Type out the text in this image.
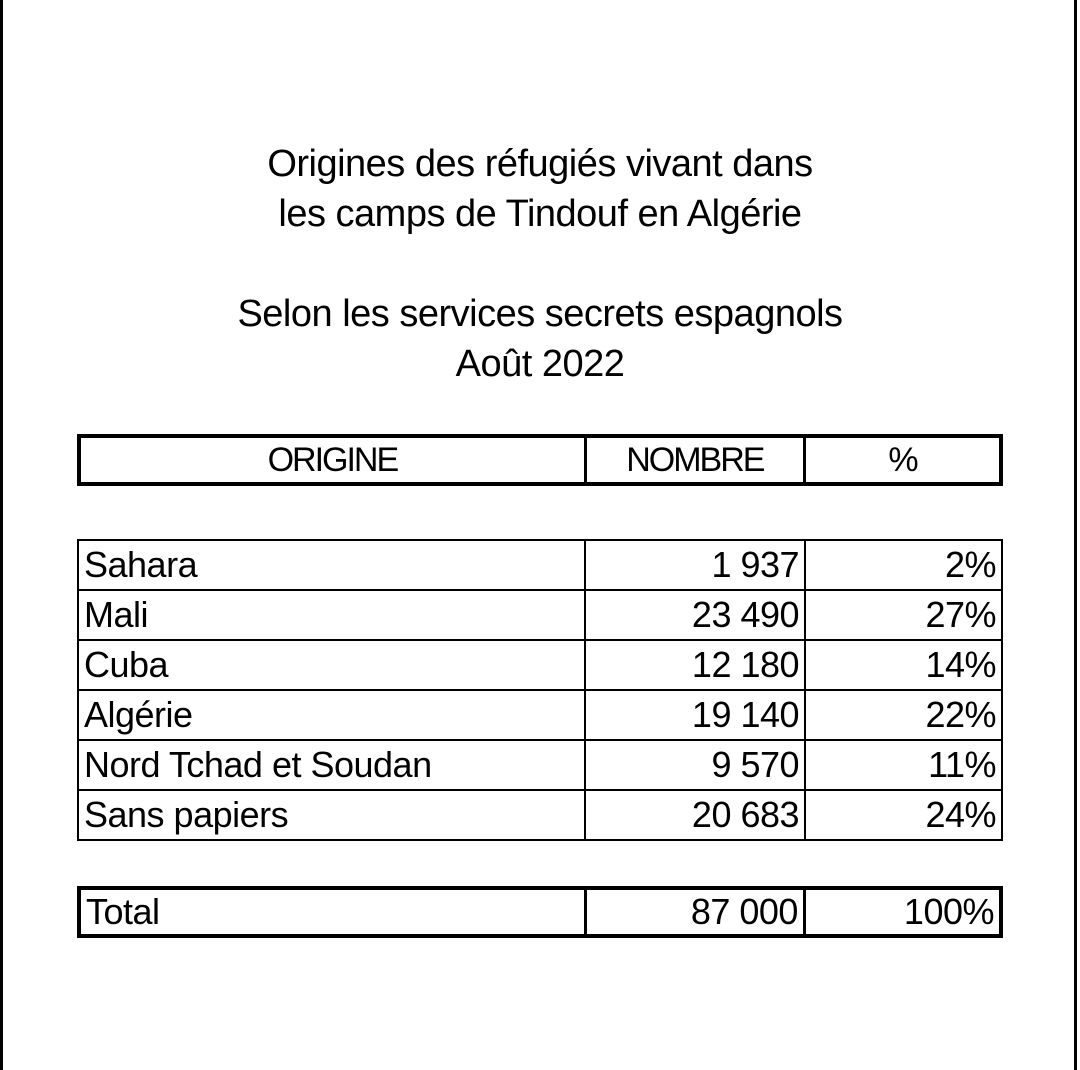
Origines des réfugiés vivant dans
les camps de Tindouf en Algérie
Selon les services secrets espagnols
Août 2022
ORIGINE	NOMBRE	%
Sahara	1 937	2%
Mali	23 490	27%
Cuba	12 180	14%
Algérie	19 140	22%
Nord Tchad et Soudan	9 570	11%
Sans papiers	20 683	24%
Total	87 000	100%
